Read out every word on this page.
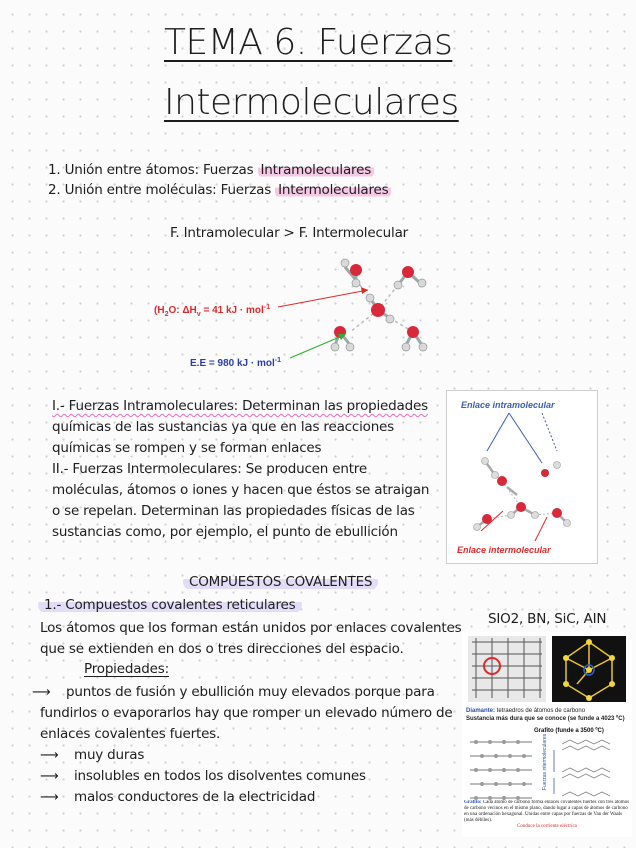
TEMA 6. Fuerzas
Intermoleculares
1. Unión entre átomos: Fuerzas Intramoleculares
2. Unión entre moléculas: Fuerzas Intermoleculares
F. Intramolecular > F. Intermolecular
($H_2O$: $\Delta H_v = 41$ kJ · mol$^{-1}$
E.E = 980 kJ · mol$^{-1}$
I.- Fuerzas Intramoleculares: Determinan las propiedades
químicas de las sustancias ya que en las reacciones
químicas se rompen y se forman enlaces
II.- Fuerzas Intermoleculares: Se producen entre
moléculas, átomos o iones y hacen que éstos se atraigan
o se repelan. Determinan las propiedades físicas de las
sustancias como, por ejemplo, el punto de ebullición
Enlace intramolecular
Enlace intermolecular
COMPUESTOS COVALENTES
1.- Compuestos covalentes reticulares
Los átomos que los forman están unidos por enlaces covalentes
que se extienden en dos o tres direcciones del espacio.
Propiedades:
⟶ puntos de fusión y ebullición muy elevados porque para
fundirlos o evaporarlos hay que romper un elevado número de
enlaces covalentes fuertes.
⟶ muy duras
⟶ insolubles en todos los disolventes comunes
⟶ malos conductores de la electricidad
SIO2, BN, SiC, AIN
Diamante: tetraedros de átomos de carbono
Sustancia más dura que se conoce (se funde a 4023 ºC)
Grafito (funde a 3500 ºC)
Fuerzas intermoleculares
Grafito: Cada átomo de carbono forma enlaces covalentes fuertes con tres átomos de carbono vecinos en el mismo plano, dando lugar a capas de átomos de carbono en una ordenación hexagonal. Unidas entre capas por fuerzas de Van der Waals (más débiles).
Conduce la corriente eléctrica
